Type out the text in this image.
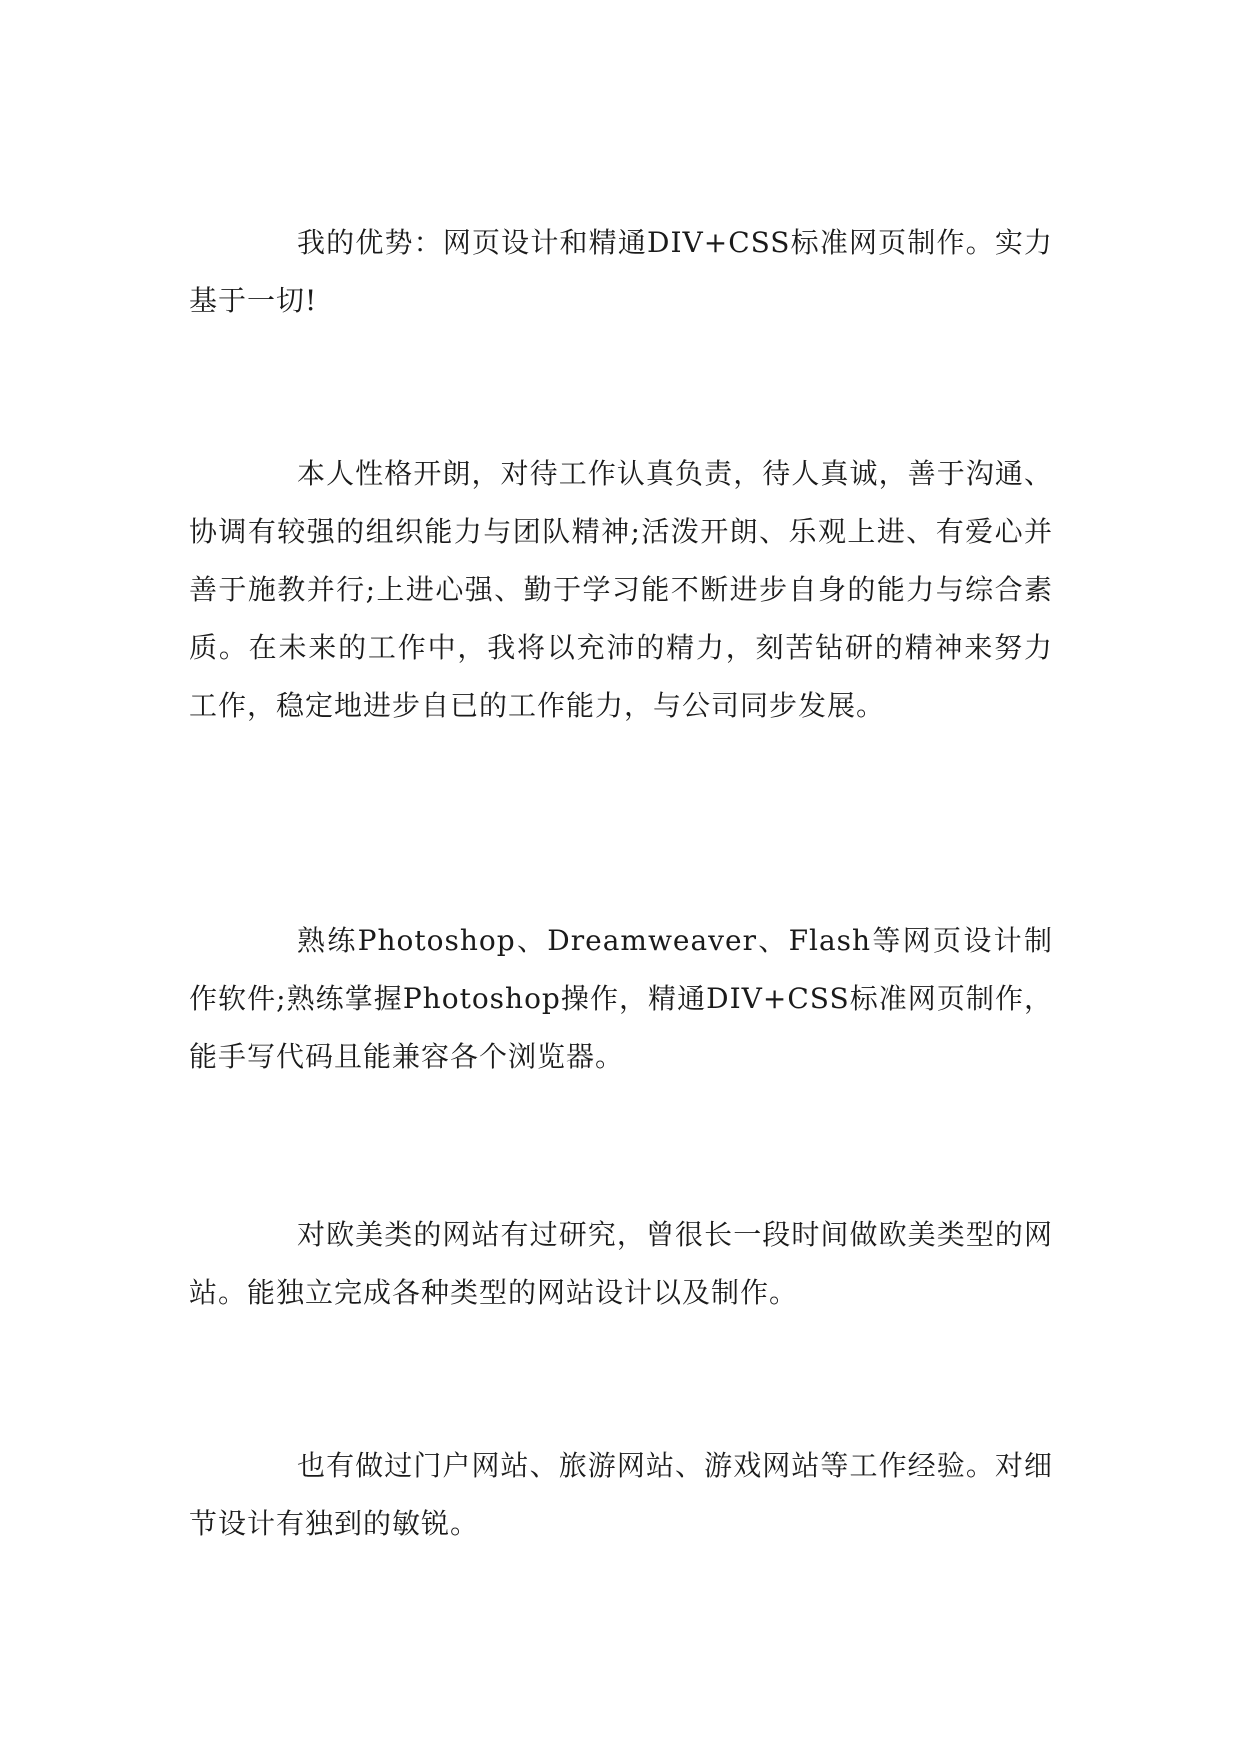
我的优势：网页设计和精通DIV+CSS标准网页制作。实力基于一切!

本人性格开朗，对待工作认真负责，待人真诚，善于沟通、协调有较强的组织能力与团队精神;活泼开朗、乐观上进、有爱心并善于施教并行;上进心强、勤于学习能不断进步自身的能力与综合素质。在未来的工作中，我将以充沛的精力，刻苦钻研的精神来努力工作，稳定地进步自已的工作能力，与公司同步发展。

熟练Photoshop、Dreamweaver、Flash等网页设计制作软件;熟练掌握Photoshop操作，精通DIV+CSS标准网页制作，能手写代码且能兼容各个浏览器。

对欧美类的网站有过研究，曾很长一段时间做欧美类型的网站。能独立完成各种类型的网站设计以及制作。

也有做过门户网站、旅游网站、游戏网站等工作经验。对细节设计有独到的敏锐。
